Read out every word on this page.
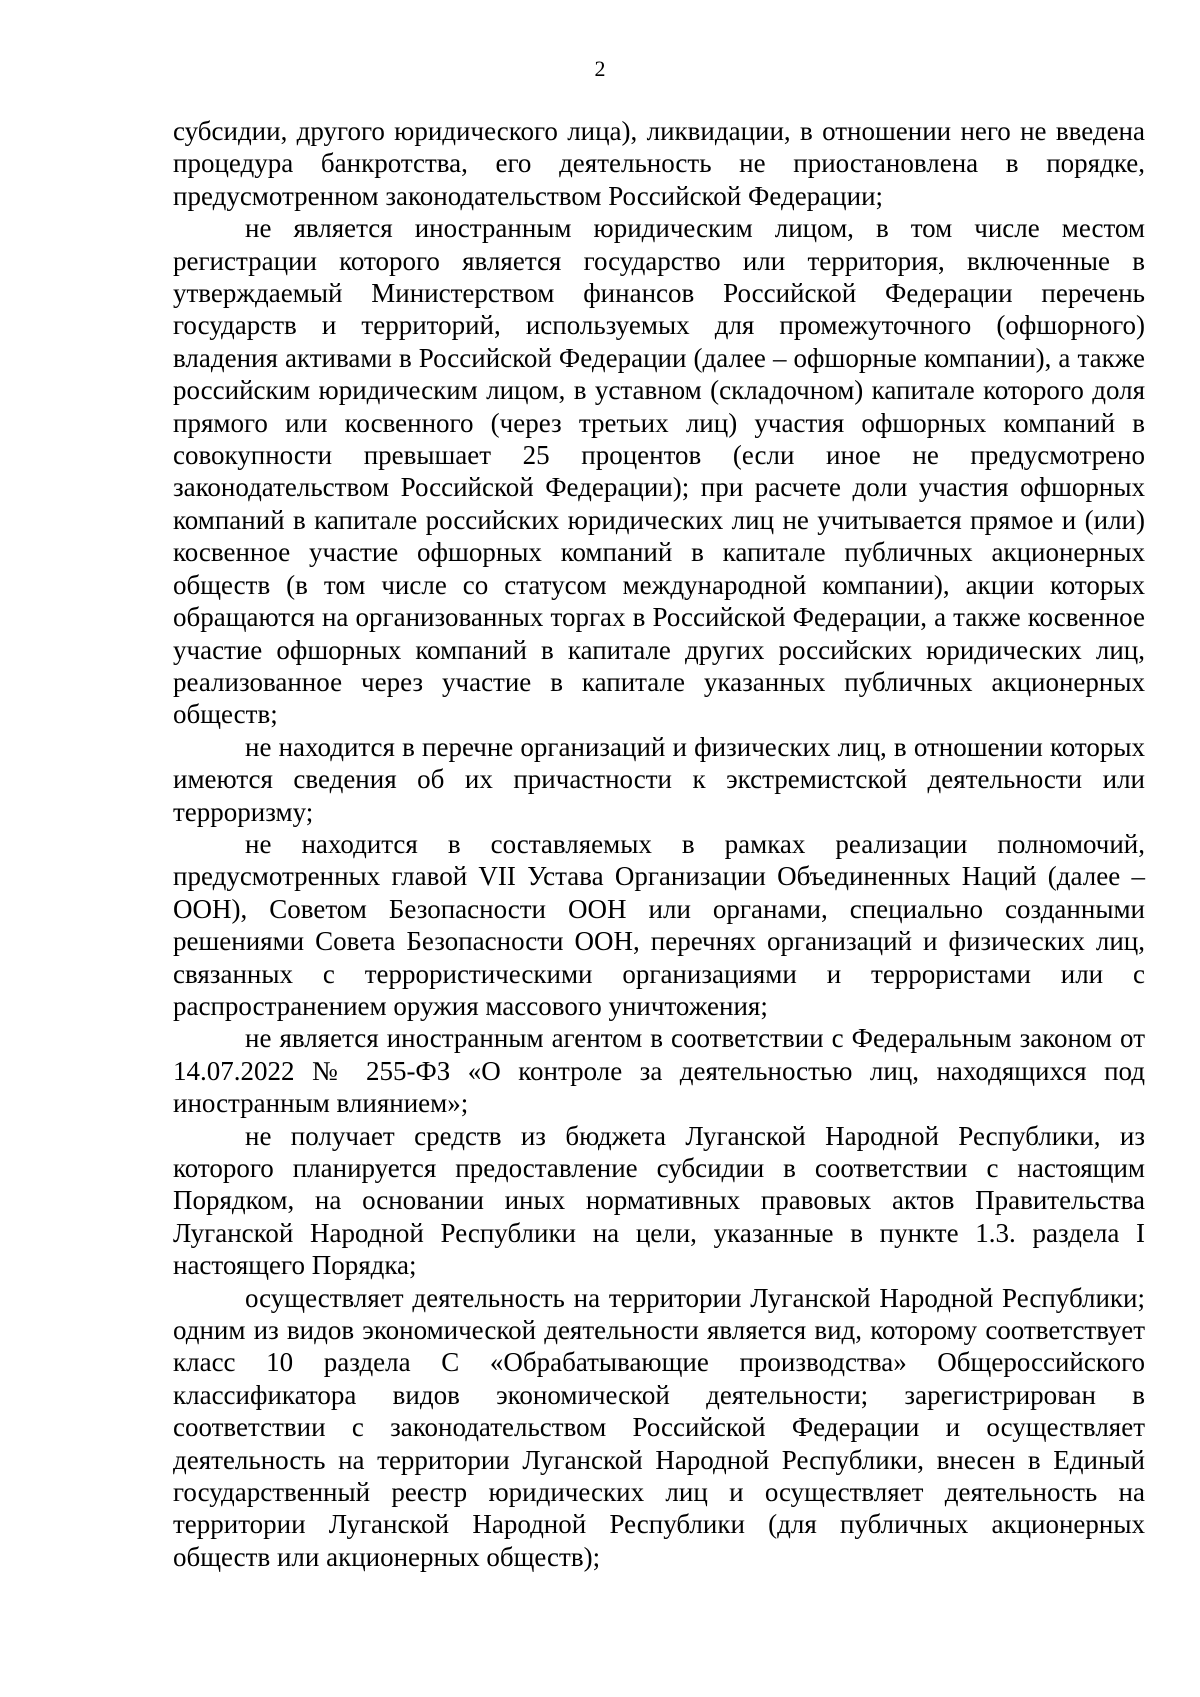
2

субсидии, другого юридического лица), ликвидации, в отношении него не введена процедура банкротства, его деятельность не приостановлена в порядке, предусмотренном законодательством Российской Федерации;

не является иностранным юридическим лицом, в том числе местом регистрации которого является государство или территория, включенные в утверждаемый Министерством финансов Российской Федерации перечень государств и территорий, используемых для промежуточного (офшорного) владения активами в Российской Федерации (далее – офшорные компании), а также российским юридическим лицом, в уставном (складочном) капитале которого доля прямого или косвенного (через третьих лиц) участия офшорных компаний в совокупности превышает 25 процентов (если иное не предусмотрено законодательством Российской Федерации); при расчете доли участия офшорных компаний в капитале российских юридических лиц не учитывается прямое и (или) косвенное участие офшорных компаний в капитале публичных акционерных обществ (в том числе со статусом международной компании), акции которых обращаются на организованных торгах в Российской Федерации, а также косвенное участие офшорных компаний в капитале других российских юридических лиц, реализованное через участие в капитале указанных публичных акционерных обществ;

не находится в перечне организаций и физических лиц, в отношении которых имеются сведения об их причастности к экстремистской деятельности или терроризму;

не находится в составляемых в рамках реализации полномочий, предусмотренных главой VII Устава Организации Объединенных Наций (далее – ООН), Советом Безопасности ООН или органами, специально созданными решениями Совета Безопасности ООН, перечнях организаций и физических лиц, связанных с террористическими организациями и террористами или с распространением оружия массового уничтожения;

не является иностранным агентом в соответствии с Федеральным законом от 14.07.2022 № 255-ФЗ «О контроле за деятельностью лиц, находящихся под иностранным влиянием»;

не получает средств из бюджета Луганской Народной Республики, из которого планируется предоставление субсидии в соответствии с настоящим Порядком, на основании иных нормативных правовых актов Правительства Луганской Народной Республики на цели, указанные в пункте 1.3. раздела I настоящего Порядка;

осуществляет деятельность на территории Луганской Народной Республики; одним из видов экономической деятельности является вид, которому соответствует класс 10 раздела C «Обрабатывающие производства» Общероссийского классификатора видов экономической деятельности; зарегистрирован в соответствии с законодательством Российской Федерации и осуществляет деятельность на территории Луганской Народной Республики, внесен в Единый государственный реестр юридических лиц и осуществляет деятельность на территории Луганской Народной Республики (для публичных акционерных обществ или акционерных обществ);
